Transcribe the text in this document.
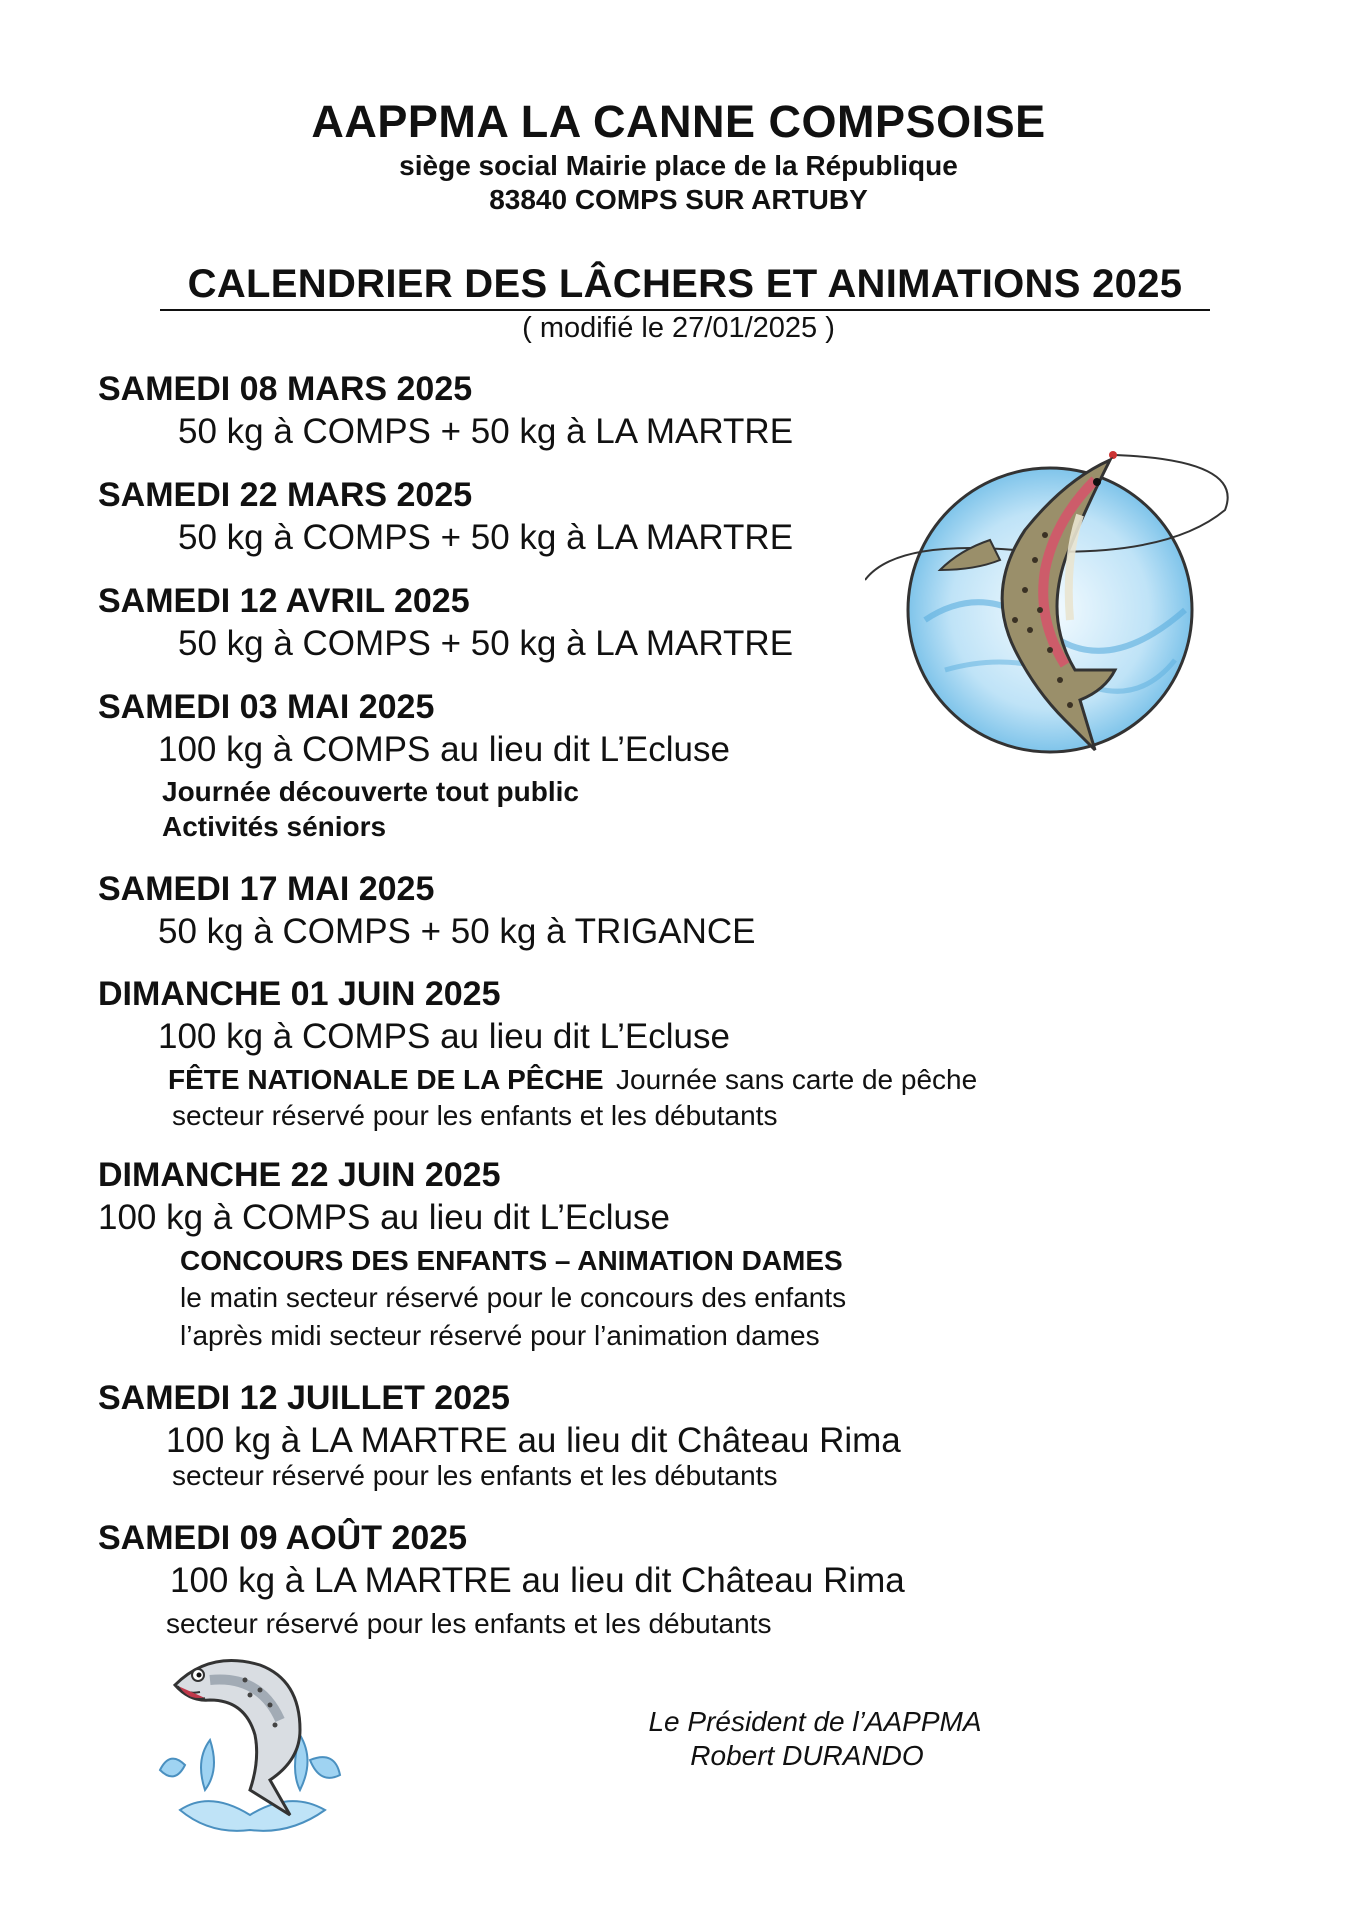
AAPPMA LA CANNE COMPSOISE
siège social Mairie place de la République
83840 COMPS SUR ARTUBY
CALENDRIER DES LÂCHERS ET ANIMATIONS 2025
( modifié le 27/01/2025 )
SAMEDI 08 MARS 2025
50 kg à COMPS + 50 kg à LA MARTRE
SAMEDI 22 MARS 2025
50 kg à COMPS + 50 kg à LA MARTRE
SAMEDI 12 AVRIL 2025
50 kg à COMPS + 50 kg à LA MARTRE
SAMEDI 03 MAI 2025
100 kg à COMPS au lieu dit L’Ecluse
Journée découverte tout public
Activités séniors
SAMEDI 17 MAI 2025
50 kg à COMPS + 50 kg à TRIGANCE
DIMANCHE 01 JUIN 2025
100 kg à COMPS au lieu dit L’Ecluse
FÊTE NATIONALE DE LA PÊCHE Journée sans carte de pêche
secteur réservé pour les enfants et les débutants
DIMANCHE 22 JUIN 2025
100 kg à COMPS au lieu dit L’Ecluse
CONCOURS DES ENFANTS – ANIMATION DAMES
le matin secteur réservé pour le concours des enfants
l’après midi secteur réservé pour l’animation dames
SAMEDI 12 JUILLET 2025
100 kg à LA MARTRE au lieu dit Château Rima
secteur réservé pour les enfants et les débutants
SAMEDI 09 AOÛT 2025
100 kg à LA MARTRE au lieu dit Château Rima
secteur réservé pour les enfants et les débutants
Le Président de l’AAPPMA
Robert DURANDO
